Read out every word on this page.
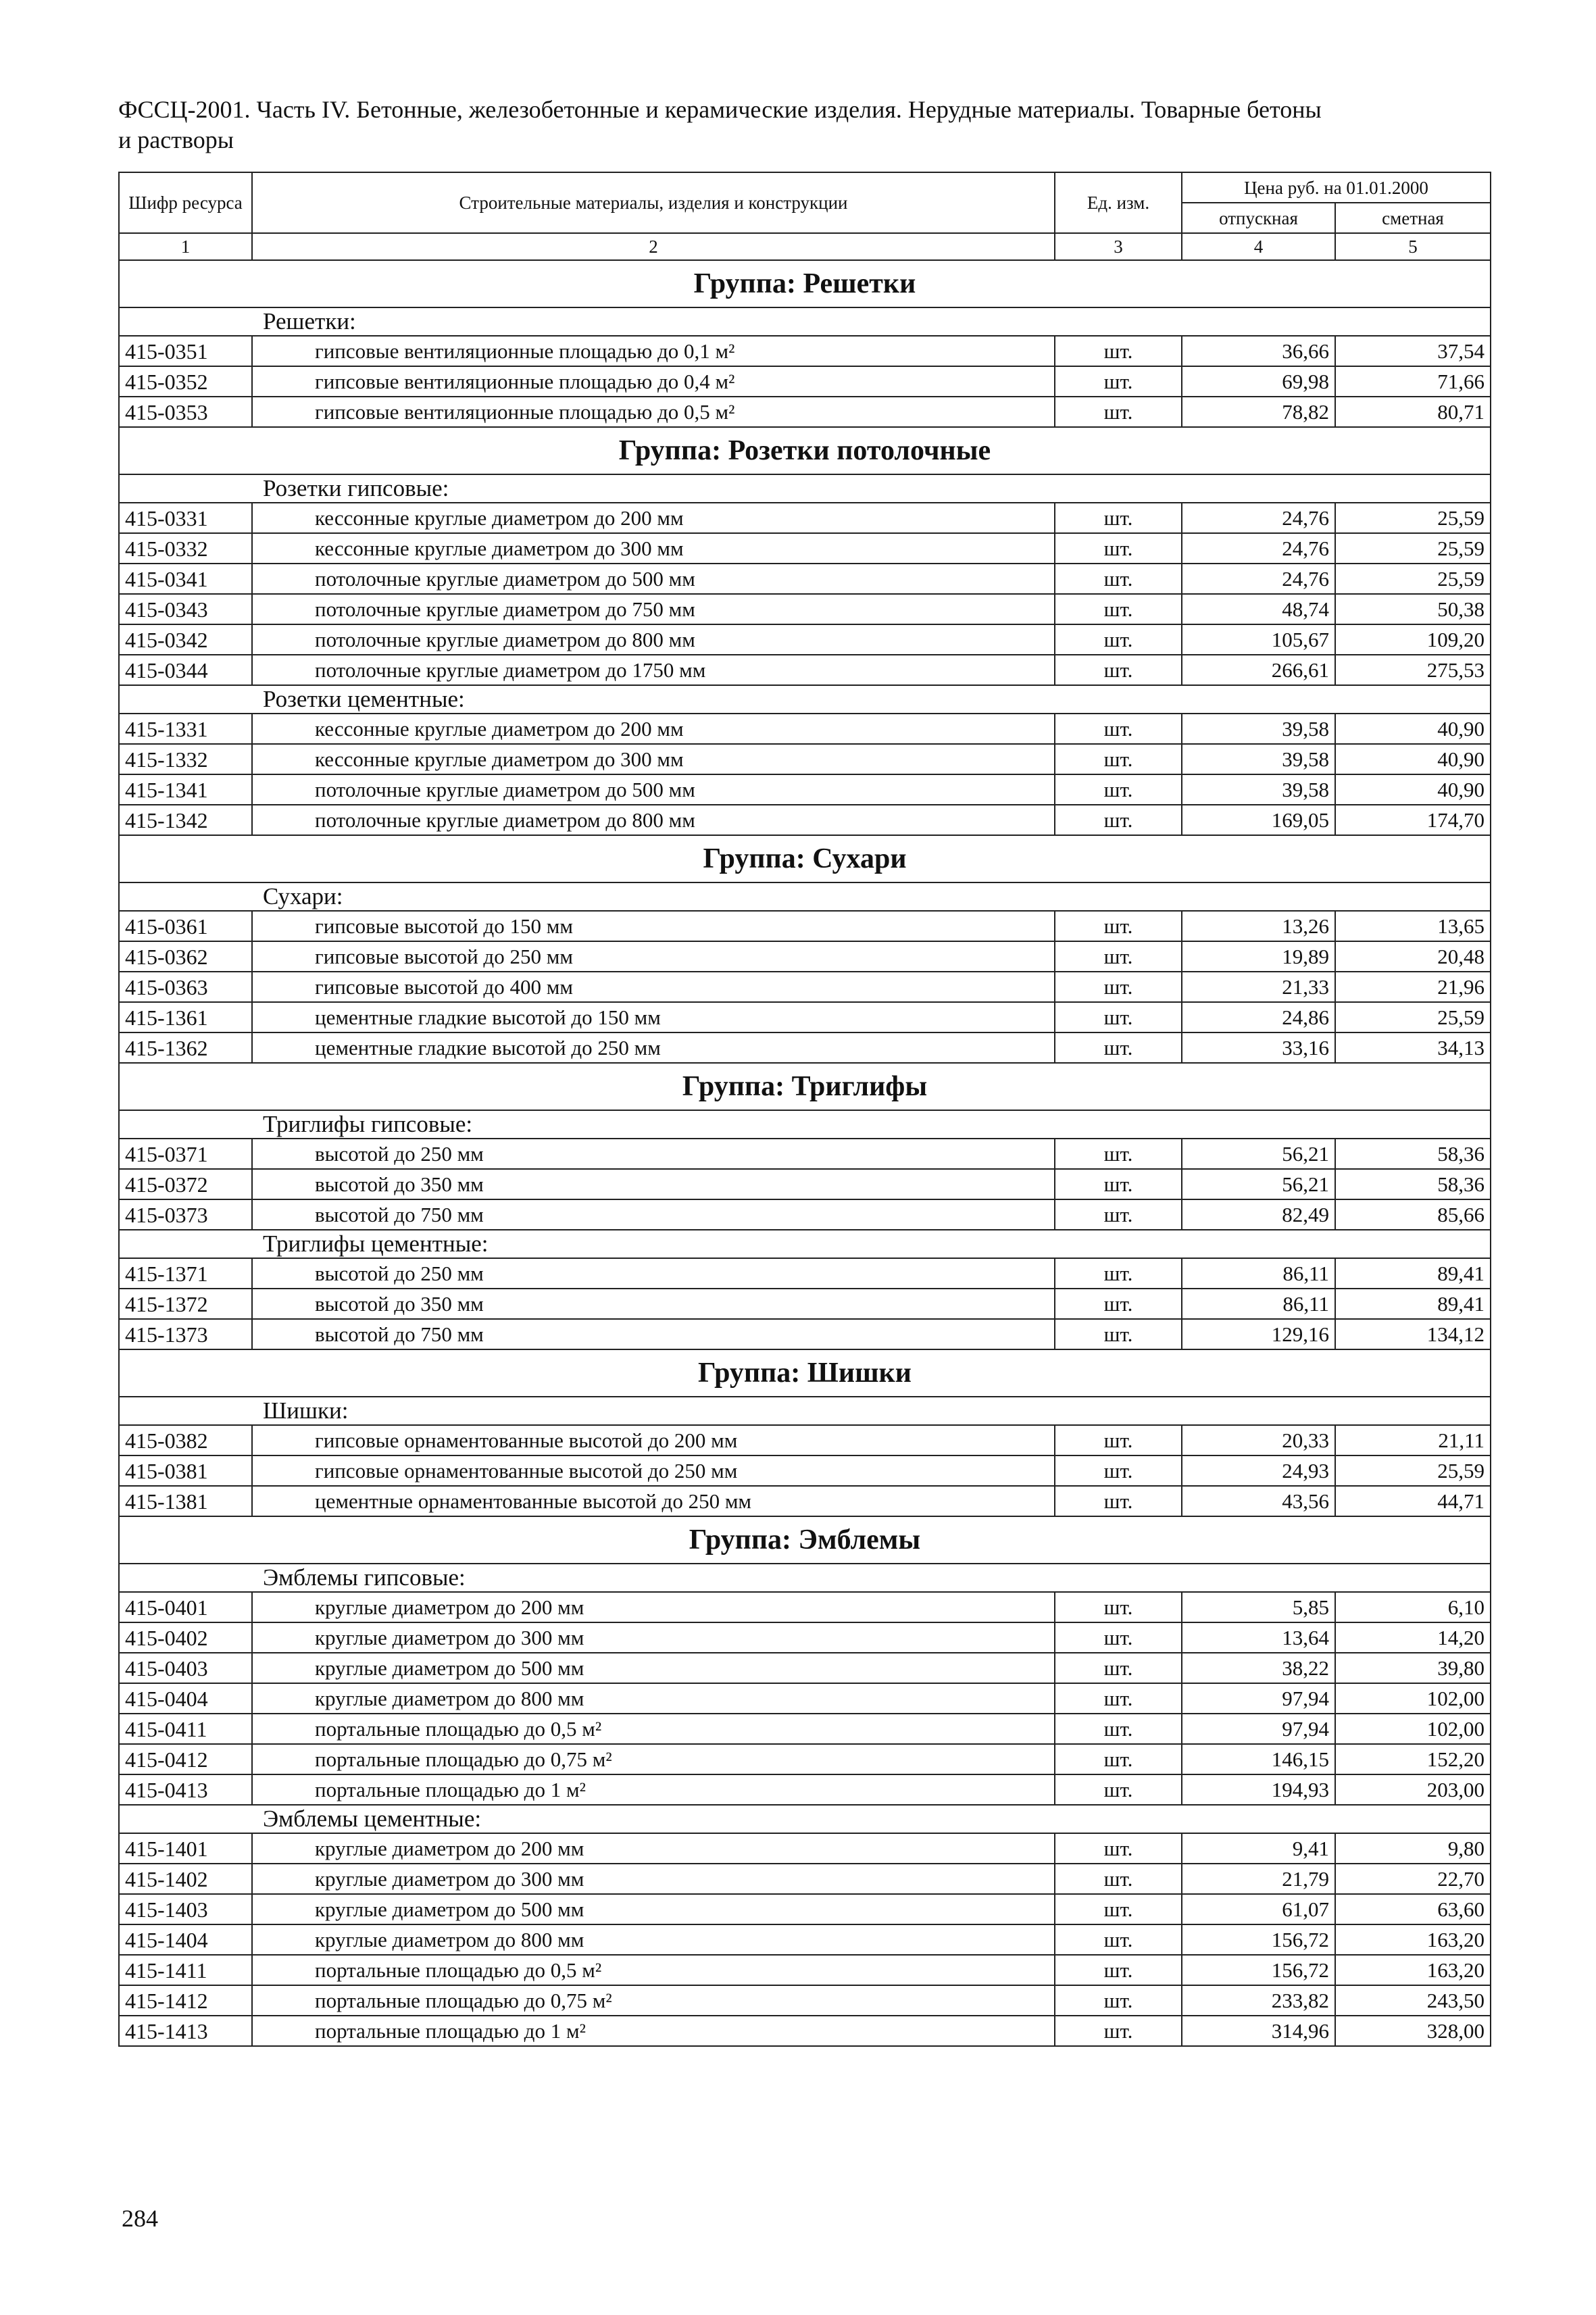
ФССЦ-2001. Часть IV. Бетонные, железобетонные и керамические изделия. Нерудные материалы. Товарные бетоны
и растворы
Шифр ресурса	Строительные материалы, изделия и конструкции	Ед. изм.	Цена руб. на 01.01.2000	
			отпускная	сметная
1	2	3	4	5
Группа: Решетки				
Решетки:				
415-0351	гипсовые вентиляционные площадью до 0,1 м²	шт.	36,66	37,54
415-0352	гипсовые вентиляционные площадью до 0,4 м²	шт.	69,98	71,66
415-0353	гипсовые вентиляционные площадью до 0,5 м²	шт.	78,82	80,71
Группа: Розетки потолочные				
Розетки гипсовые:				
415-0331	кессонные круглые диаметром до 200 мм	шт.	24,76	25,59
415-0332	кессонные круглые диаметром до 300 мм	шт.	24,76	25,59
415-0341	потолочные круглые диаметром до 500 мм	шт.	24,76	25,59
415-0343	потолочные круглые диаметром до 750 мм	шт.	48,74	50,38
415-0342	потолочные круглые диаметром до 800 мм	шт.	105,67	109,20
415-0344	потолочные круглые диаметром до 1750 мм	шт.	266,61	275,53
Розетки цементные:				
415-1331	кессонные круглые диаметром до 200 мм	шт.	39,58	40,90
415-1332	кессонные круглые диаметром до 300 мм	шт.	39,58	40,90
415-1341	потолочные круглые диаметром до 500 мм	шт.	39,58	40,90
415-1342	потолочные круглые диаметром до 800 мм	шт.	169,05	174,70
Группа: Сухари				
Сухари:				
415-0361	гипсовые высотой до 150 мм	шт.	13,26	13,65
415-0362	гипсовые высотой до 250 мм	шт.	19,89	20,48
415-0363	гипсовые высотой до 400 мм	шт.	21,33	21,96
415-1361	цементные гладкие высотой до 150 мм	шт.	24,86	25,59
415-1362	цементные гладкие высотой до 250 мм	шт.	33,16	34,13
Группа: Триглифы				
Триглифы гипсовые:				
415-0371	высотой до 250 мм	шт.	56,21	58,36
415-0372	высотой до 350 мм	шт.	56,21	58,36
415-0373	высотой до 750 мм	шт.	82,49	85,66
Триглифы цементные:				
415-1371	высотой до 250 мм	шт.	86,11	89,41
415-1372	высотой до 350 мм	шт.	86,11	89,41
415-1373	высотой до 750 мм	шт.	129,16	134,12
Группа: Шишки				
Шишки:				
415-0382	гипсовые орнаментованные высотой до 200 мм	шт.	20,33	21,11
415-0381	гипсовые орнаментованные высотой до 250 мм	шт.	24,93	25,59
415-1381	цементные орнаментованные высотой до 250 мм	шт.	43,56	44,71
Группа: Эмблемы				
Эмблемы гипсовые:				
415-0401	круглые диаметром до 200 мм	шт.	5,85	6,10
415-0402	круглые диаметром до 300 мм	шт.	13,64	14,20
415-0403	круглые диаметром до 500 мм	шт.	38,22	39,80
415-0404	круглые диаметром до 800 мм	шт.	97,94	102,00
415-0411	портальные площадью до 0,5 м²	шт.	97,94	102,00
415-0412	портальные площадью до 0,75 м²	шт.	146,15	152,20
415-0413	портальные площадью до 1 м²	шт.	194,93	203,00
Эмблемы цементные:				
415-1401	круглые диаметром до 200 мм	шт.	9,41	9,80
415-1402	круглые диаметром до 300 мм	шт.	21,79	22,70
415-1403	круглые диаметром до 500 мм	шт.	61,07	63,60
415-1404	круглые диаметром до 800 мм	шт.	156,72	163,20
415-1411	портальные площадью до 0,5 м²	шт.	156,72	163,20
415-1412	портальные площадью до 0,75 м²	шт.	233,82	243,50
415-1413	портальные площадью до 1 м²	шт.	314,96	328,00
284
